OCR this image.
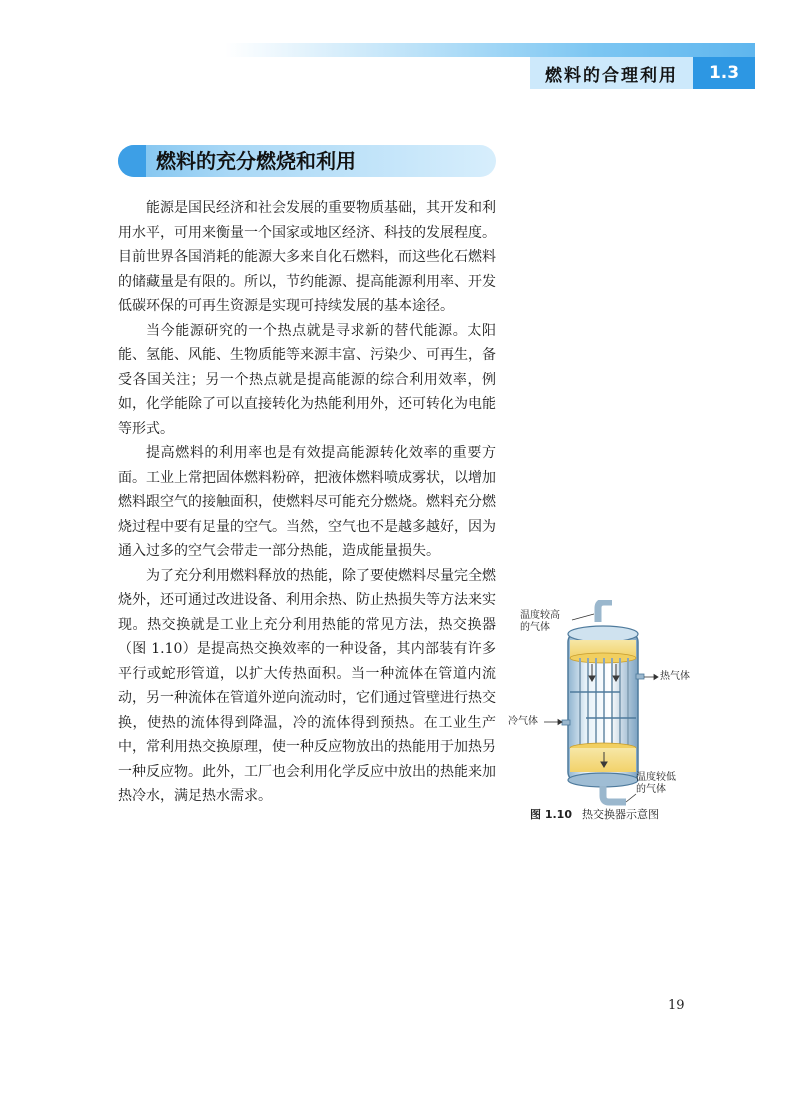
燃料的合理利用	1.3
燃料的充分燃烧和利用

能源是国民经济和社会发展的重要物质基础，其开发和利用水平，可用来衡量一个国家或地区经济、科技的发展程度。目前世界各国消耗的能源大多来自化石燃料，而这些化石燃料的储藏量是有限的。所以，节约能源、提高能源利用率、开发低碳环保的可再生资源是实现可持续发展的基本途径。

当今能源研究的一个热点就是寻求新的替代能源。太阳能、氢能、风能、生物质能等来源丰富、污染少、可再生，备受各国关注；另一个热点就是提高能源的综合利用效率，例如，化学能除了可以直接转化为热能利用外，还可转化为电能等形式。

提高燃料的利用率也是有效提高能源转化效率的重要方面。工业上常把固体燃料粉碎，把液体燃料喷成雾状，以增加燃料跟空气的接触面积，使燃料尽可能充分燃烧。燃料充分燃烧过程中要有足量的空气。当然，空气也不是越多越好，因为通入过多的空气会带走一部分热能，造成能量损失。

为了充分利用燃料释放的热能，除了要使燃料尽量完全燃烧外，还可通过改进设备、利用余热、防止热损失等方法来实现。热交换就是工业上充分利用热能的常见方法，热交换器（图 1.10）是提高热交换效率的一种设备，其内部装有许多平行或蛇形管道，以扩大传热面积。当一种流体在管道内流动，另一种流体在管道外逆向流动时，它们通过管壁进行热交换，使热的流体得到降温，冷的流体得到预热。在工业生产中，常利用热交换原理，使一种反应物放出的热能用于加热另一种反应物。此外，工厂也会利用化学反应中放出的热能来加热冷水，满足热水需求。

温度较高
的气体
热气体
冷气体
温度较低
的气体
图 1.10 热交换器示意图
19
